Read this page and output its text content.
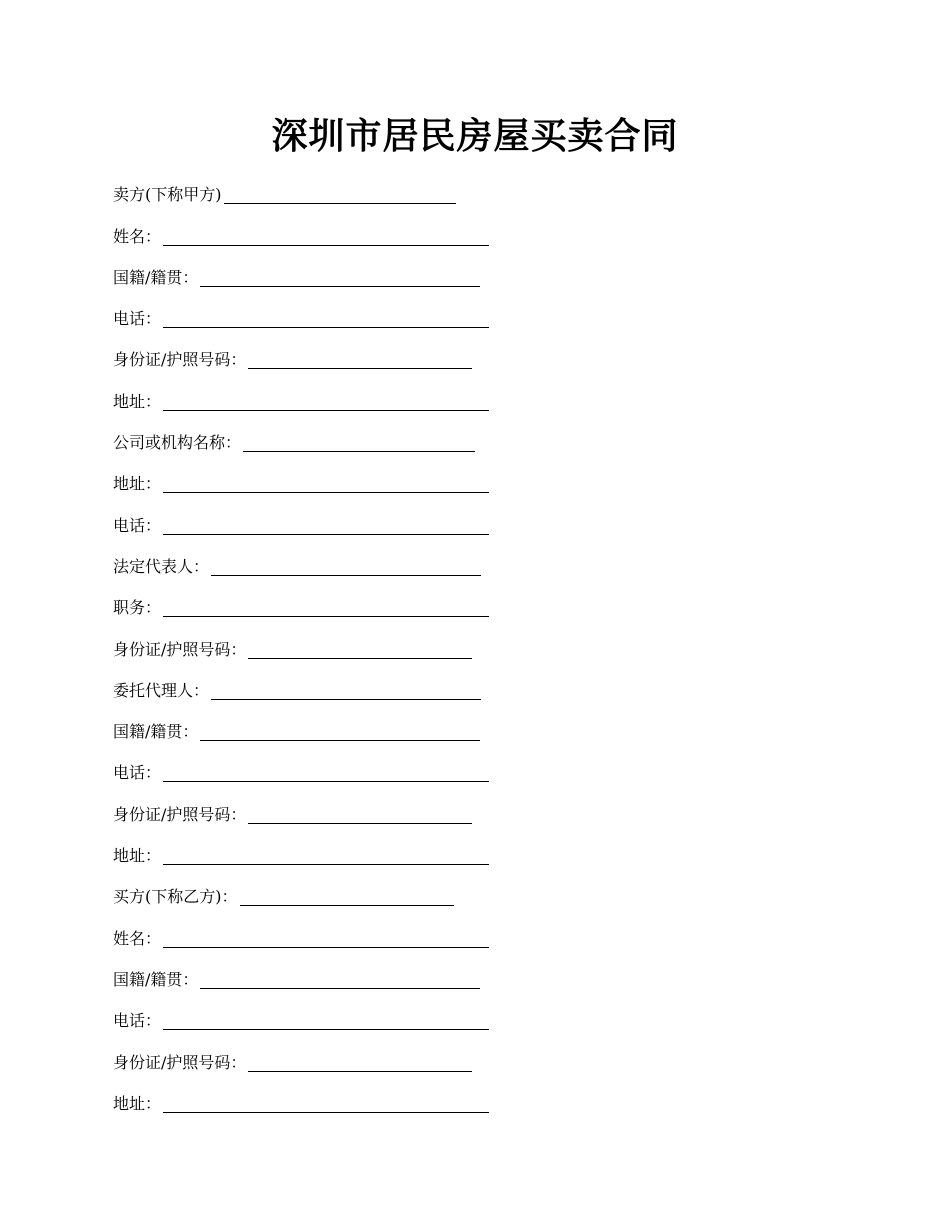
深圳市居民房屋买卖合同
卖方(下称甲方)
姓名：
国籍/籍贯：
电话：
身份证/护照号码：
地址：
公司或机构名称：
地址：
电话：
法定代表人：
职务：
身份证/护照号码：
委托代理人：
国籍/籍贯：
电话：
身份证/护照号码：
地址：
买方(下称乙方)：
姓名：
国籍/籍贯：
电话：
身份证/护照号码：
地址：
